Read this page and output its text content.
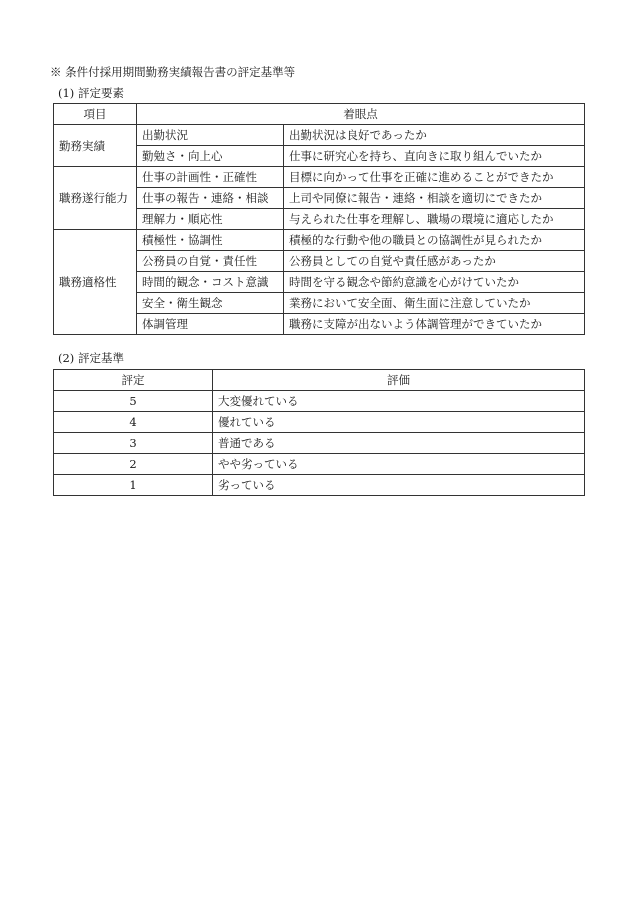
※ 条件付採用期間勤務実績報告書の評定基準等
(1) 評定要素
項目	着眼点	
勤務実績	出勤状況	出勤状況は良好であったか
	勤勉さ・向上心	仕事に研究心を持ち、直向きに取り組んでいたか
職務遂行能力	仕事の計画性・正確性	目標に向かって仕事を正確に進めることができたか
	仕事の報告・連絡・相談	上司や同僚に報告・連絡・相談を適切にできたか
	理解力・順応性	与えられた仕事を理解し、職場の環境に適応したか
職務適格性	積極性・協調性	積極的な行動や他の職員との協調性が見られたか
	公務員の自覚・責任性	公務員としての自覚や責任感があったか
	時間的観念・コスト意識	時間を守る観念や節約意識を心がけていたか
	安全・衛生観念	業務において安全面、衛生面に注意していたか
	体調管理	職務に支障が出ないよう体調管理ができていたか
(2) 評定基準
評定	評価
5	大変優れている
4	優れている
3	普通である
2	やや劣っている
1	劣っている
